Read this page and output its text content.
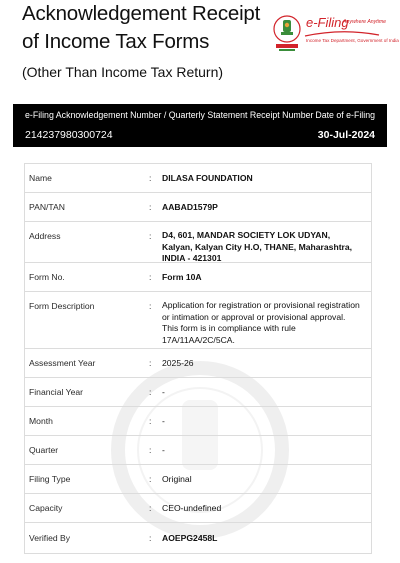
Acknowledgement Receipt of Income Tax Forms
(Other Than Income Tax Return)
e-Filing
Anywhere Anytime
Income Tax Department, Government of India
e-Filing Acknowledgement Number / Quarterly Statement Receipt Number
214237980300724
Date of e-Filing
30-Jul-2024
Name	: DILASA FOUNDATION
PAN/TAN	: AABAD1579P
Address	: D4, 601, MANDAR SOCIETY LOK UDYAN, Kalyan, Kalyan City H.O, THANE, Maharashtra, INDIA - 421301
Form No.	: Form 10A
Form Description	: Application for registration or provisional registration or intimation or approval or provisional approval. This form is in compliance with rule 17A/11AA/2C/5CA.
Assessment Year	: 2025-26
Financial Year	: -
Month	: -
Quarter	: -
Filing Type	: Original
Capacity	: CEO-undefined
Verified By	: AOEPG2458L
